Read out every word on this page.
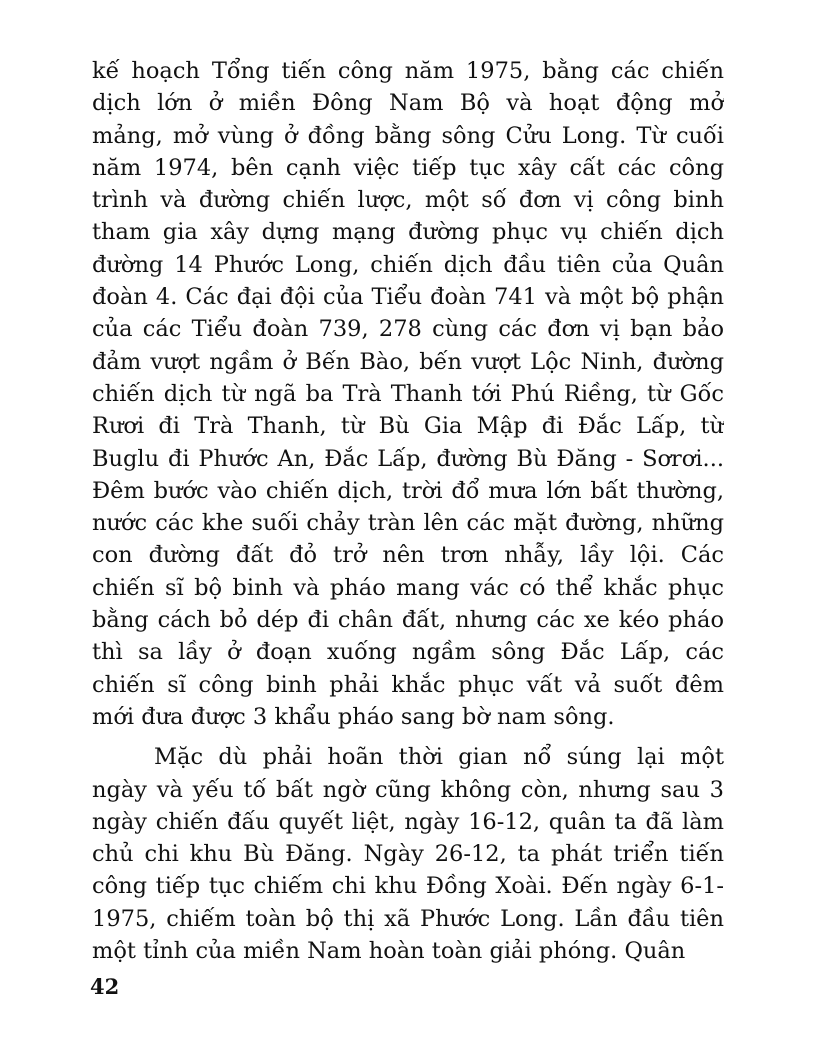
kế hoạch Tổng tiến công năm 1975, bằng các chiến
dịch lớn ở miền Đông Nam Bộ và hoạt động mở
mảng, mở vùng ở đồng bằng sông Cửu Long. Từ cuối
năm 1974, bên cạnh việc tiếp tục xây cất các công
trình và đường chiến lược, một số đơn vị công binh
tham gia xây dựng mạng đường phục vụ chiến dịch
đường 14 Phước Long, chiến dịch đầu tiên của Quân
đoàn 4. Các đại đội của Tiểu đoàn 741 và một bộ phận
của các Tiểu đoàn 739, 278 cùng các đơn vị bạn bảo
đảm vượt ngầm ở Bến Bào, bến vượt Lộc Ninh, đường
chiến dịch từ ngã ba Trà Thanh tới Phú Riềng, từ Gốc
Rươi đi Trà Thanh, từ Bù Gia Mập đi Đắc Lấp, từ
Buglu đi Phước An, Đắc Lấp, đường Bù Đăng - Sơrơi...
Đêm bước vào chiến dịch, trời đổ mưa lớn bất thường,
nước các khe suối chảy tràn lên các mặt đường, những
con đường đất đỏ trở nên trơn nhẫy, lầy lội. Các
chiến sĩ bộ binh và pháo mang vác có thể khắc phục
bằng cách bỏ dép đi chân đất, nhưng các xe kéo pháo
thì sa lầy ở đoạn xuống ngầm sông Đắc Lấp, các
chiến sĩ công binh phải khắc phục vất vả suốt đêm
mới đưa được 3 khẩu pháo sang bờ nam sông.

Mặc dù phải hoãn thời gian nổ súng lại một
ngày và yếu tố bất ngờ cũng không còn, nhưng sau 3
ngày chiến đấu quyết liệt, ngày 16-12, quân ta đã làm
chủ chi khu Bù Đăng. Ngày 26-12, ta phát triển tiến
công tiếp tục chiếm chi khu Đồng Xoài. Đến ngày 6-1-
1975, chiếm toàn bộ thị xã Phước Long. Lần đầu tiên
một tỉnh của miền Nam hoàn toàn giải phóng. Quân

42
